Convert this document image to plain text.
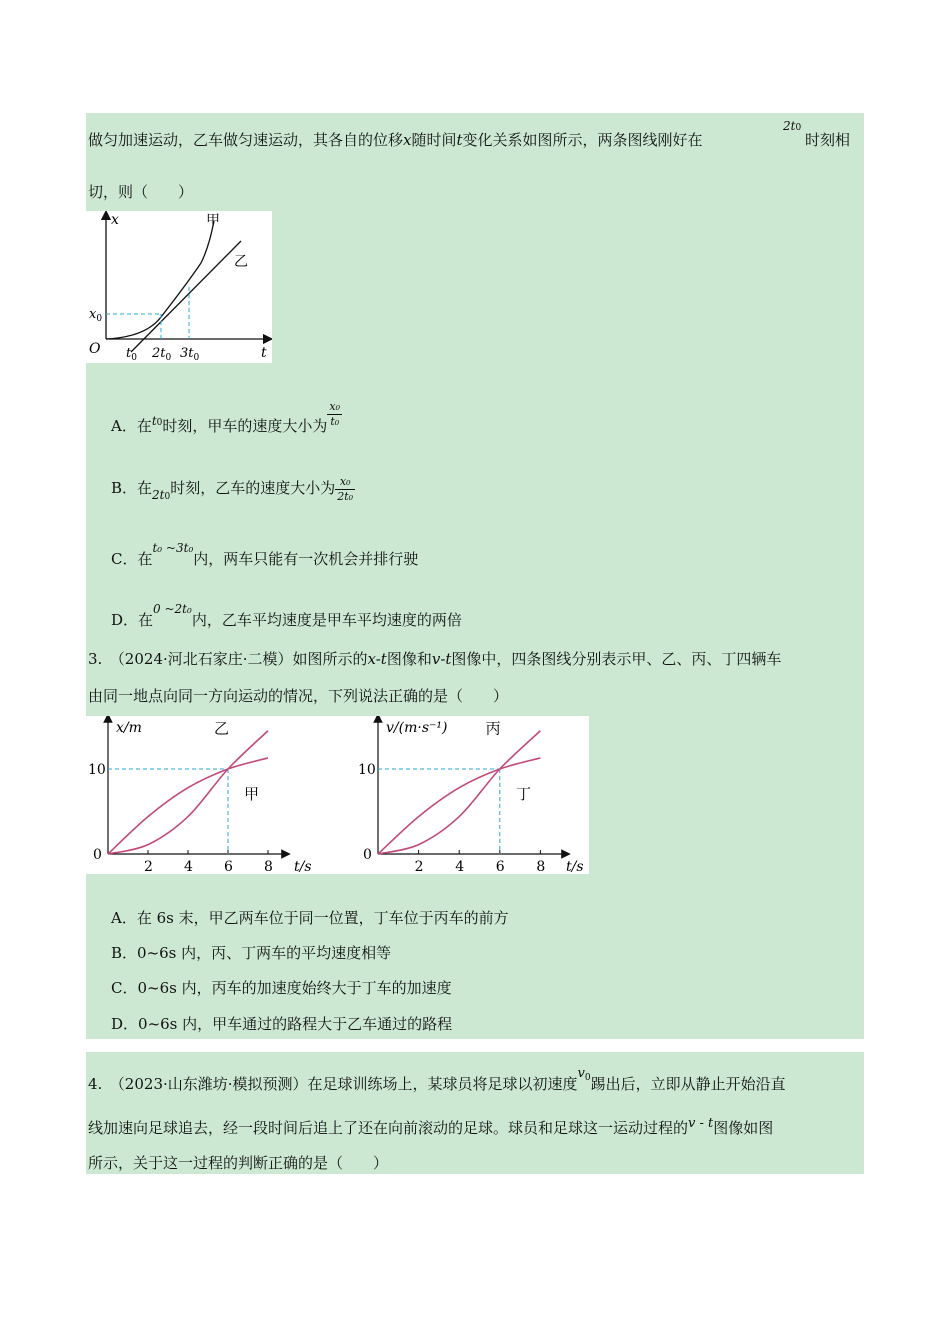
做匀加速运动，乙车做匀速运动，其各自的位移x随时间t变化关系如图所示，两条图线刚好在
2t0
时刻相
切，则（　　）
x
t
O
甲
乙
$x_0$
$t_0$ $2t_0$ $3t_0$
A．在$^{t0}$时刻，甲车的速度大小为 $\frac{\text{x₀}}{\text{t₀}}$
B．在$_{2t0}$时刻，乙车的速度大小为 $\frac{\text{x₀}}{\text{2t₀}}$
C．在$^{t_0 \sim 3t_0}$内，两车只能有一次机会并排行驶
D．在$^{0 \sim 2t_0}$内，乙车平均速度是甲车平均速度的两倍
3.　（2024·河北石家庄·二模）如图所示的x-t图像和v-t图像中，四条图线分别表示甲、乙、丙、丁四辆车
由同一地点向同一方向运动的情况，下列说法正确的是（　　）
x/m
t/s
0
2 4 6 8
10
乙
甲
v/(m·s⁻¹)
t/s
0
2 4 6 8
10
丙
丁
A．在 6s 末，甲乙两车位于同一位置，丁车位于丙车的前方
B．0~6s 内，丙、丁两车的平均速度相等
C．0~6s 内，丙车的加速度始终大于丁车的加速度
D．0~6s 内，甲车通过的路程大于乙车通过的路程
4.　（2023·山东潍坊·模拟预测）在足球训练场上，某球员将足球以初速度$v^0$踢出后，立即从静止开始沿直
线加速向足球追去，经一段时间后追上了还在向前滚动的足球。球员和足球这一运动过程的v - t图像如图
所示，关于这一过程的判断正确的是（　　）
